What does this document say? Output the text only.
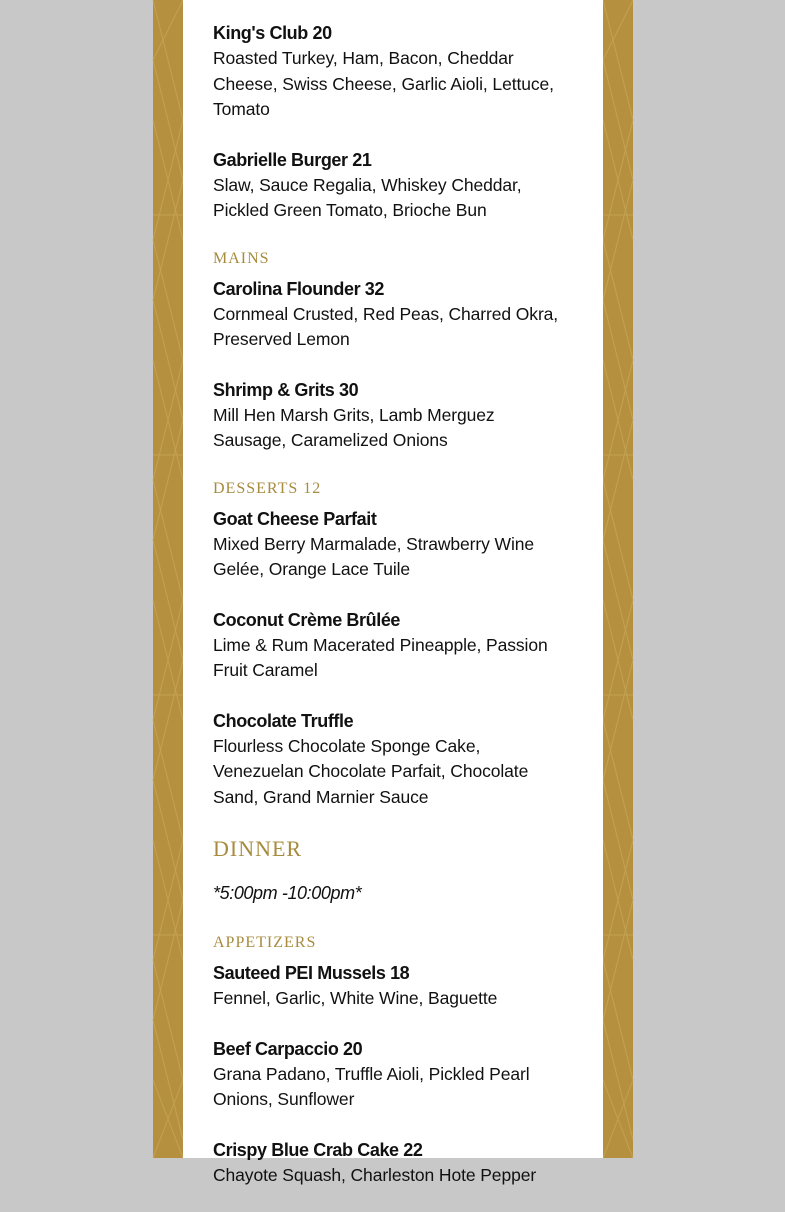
King's Club 20

Roasted Turkey, Ham, Bacon, Cheddar Cheese, Swiss Cheese, Garlic Aioli, Lettuce, Tomato

Gabrielle Burger 21

Slaw, Sauce Regalia, Whiskey Cheddar, Pickled Green Tomato, Brioche Bun

MAINS

Carolina Flounder 32

Cornmeal Crusted, Red Peas, Charred Okra, Preserved Lemon

Shrimp & Grits 30

Mill Hen Marsh Grits, Lamb Merguez Sausage, Caramelized Onions

DESSERTS 12

Goat Cheese Parfait

Mixed Berry Marmalade, Strawberry Wine Gelée, Orange Lace Tuile

Coconut Crème Brûlée

Lime & Rum Macerated Pineapple, Passion Fruit Caramel

Chocolate Truffle

Flourless Chocolate Sponge Cake, Venezuelan Chocolate Parfait, Chocolate Sand, Grand Marnier Sauce

DINNER

*5:00pm -10:00pm*

APPETIZERS

Sauteed PEI Mussels 18

Fennel, Garlic, White Wine, Baguette

Beef Carpaccio 20

Grana Padano, Truffle Aioli, Pickled Pearl Onions, Sunflower

Crispy Blue Crab Cake 22

Chayote Squash, Charleston Hote Pepper
